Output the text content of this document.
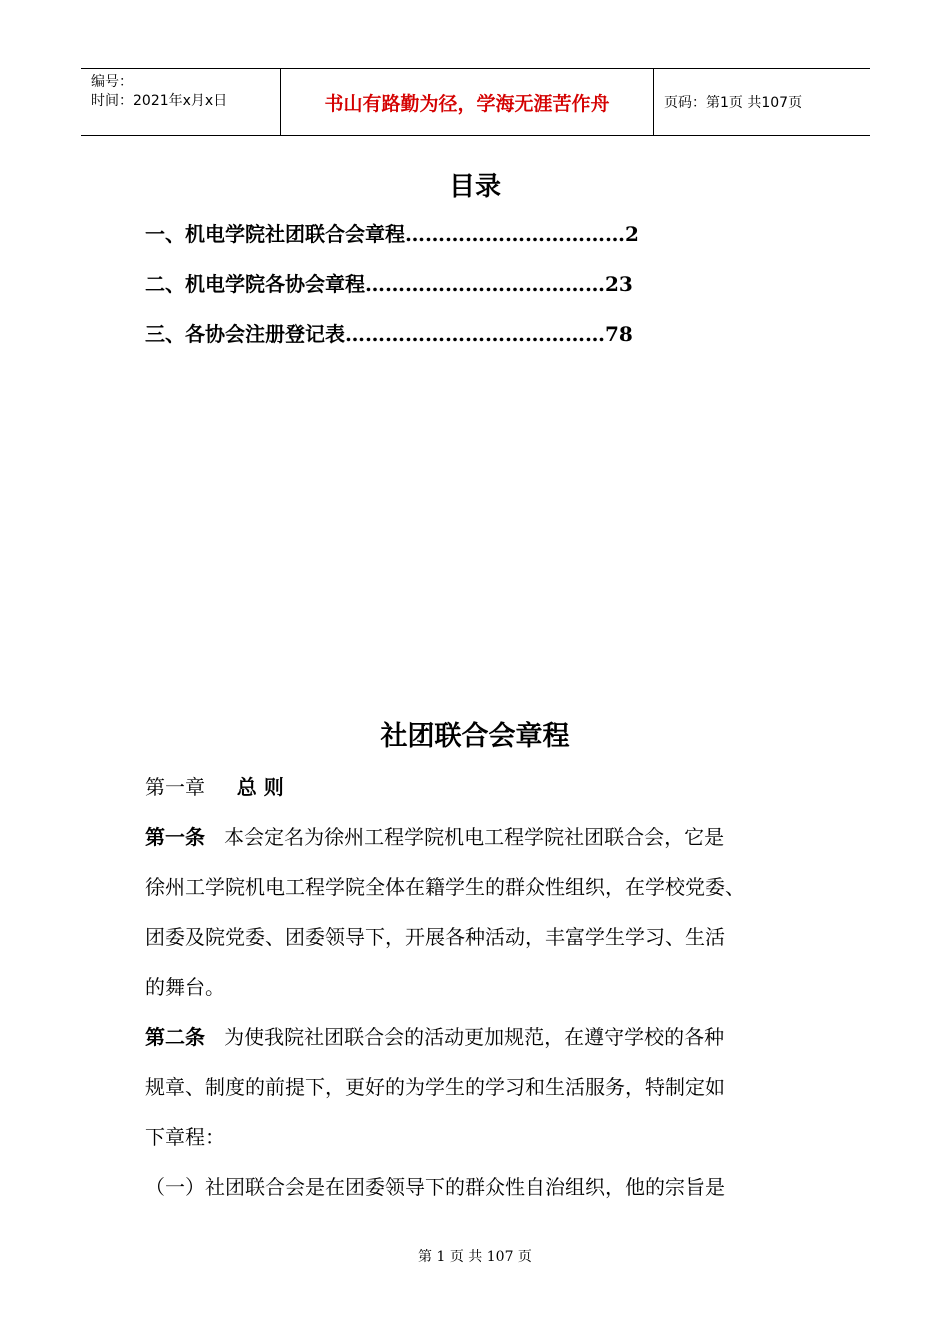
编号：
时间：2021年x月x日	书山有路勤为径，学海无涯苦作舟	页码：第1页 共107页
目录
一、机电学院社团联合会章程……………………………2
二、机电学院各协会章程………………………………23
三、各协会注册登记表…………………………………78
社团联合会章程
第一章 总 则
第一条 本会定名为徐州工程学院机电工程学院社团联合会，它是
徐州工学院机电工程学院全体在籍学生的群众性组织，在学校党委、
团委及院党委、团委领导下，开展各种活动，丰富学生学习、生活
的舞台。
第二条 为使我院社团联合会的活动更加规范，在遵守学校的各种
规章、制度的前提下，更好的为学生的学习和生活服务，特制定如
下章程：
（一）社团联合会是在团委领导下的群众性自治组织，他的宗旨是
第 1 页 共 107 页
